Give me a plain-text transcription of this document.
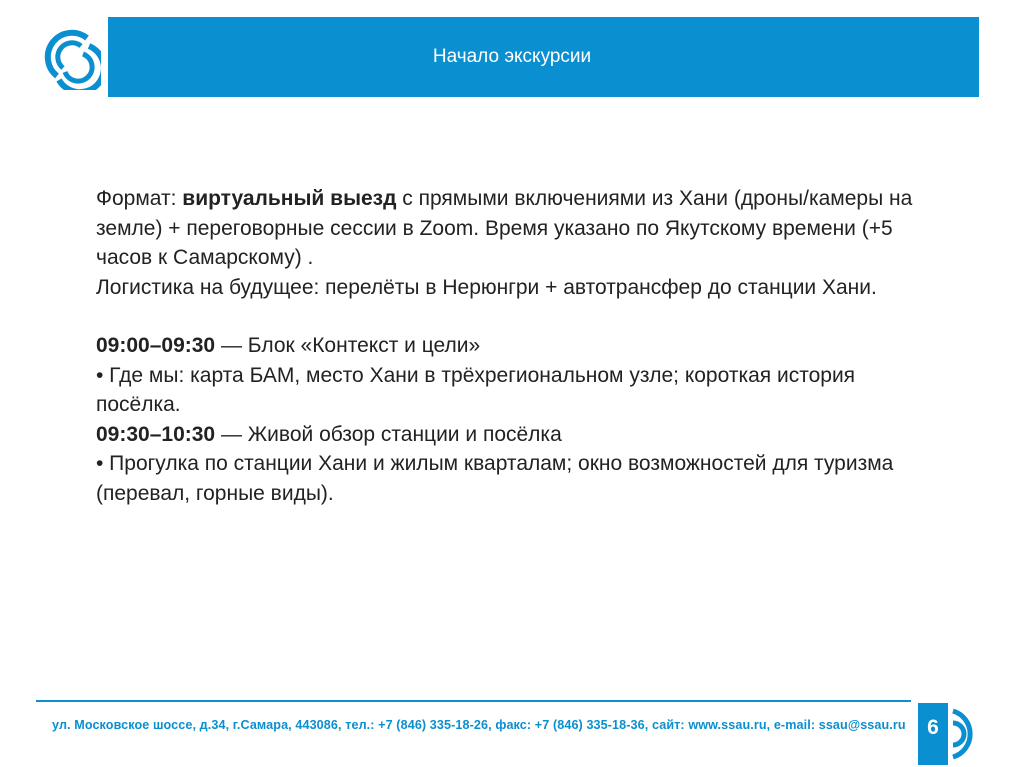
Начало экскурсии

Формат: виртуальный выезд с прямыми включениями из Хани (дроны/камеры на земле) + переговорные сессии в Zoom. Время указано по Якутскому времени (+5 часов к Самарскому) .

Логистика на будущее: перелёты в Нерюнгри + автотрансфер до станции Хани.

09:00–09:30 — Блок «Контекст и цели»

• Где мы: карта БАМ, место Хани в трёхрегиональном узле; короткая история посёлка.

09:30–10:30 — Живой обзор станции и посёлка

• Прогулка по станции Хани и жилым кварталам; окно возможностей для туризма (перевал, горные виды).

ул. Московское шоссе, д.34, г.Самара, 443086, тел.: +7 (846) 335-18-26, факс: +7 (846) 335-18-36, сайт: www.ssau.ru, e-mail: ssau@ssau.ru	6
